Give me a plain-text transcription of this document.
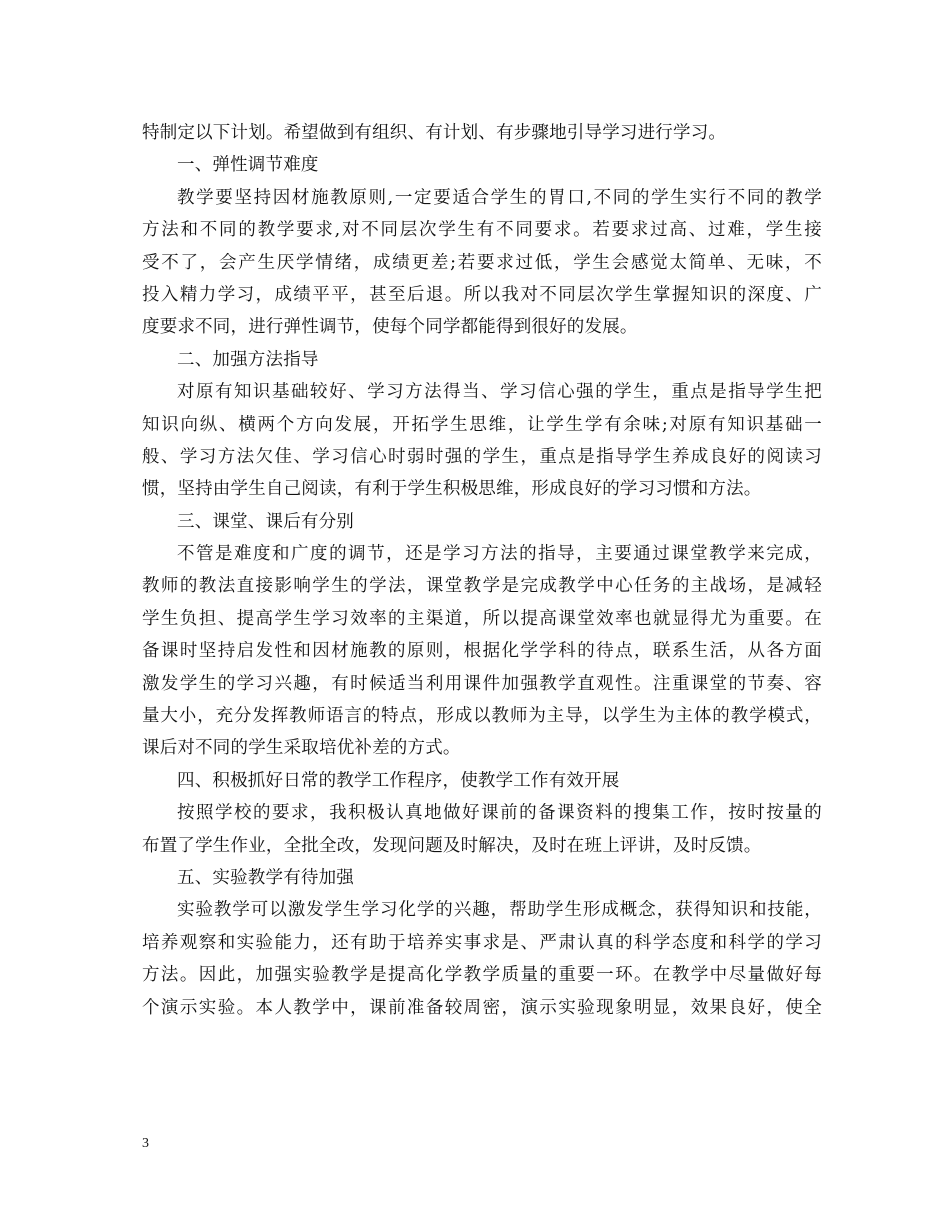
特制定以下计划。希望做到有组织、有计划、有步骤地引导学习进行学习。
一、弹性调节难度
教学要坚持因材施教原则,一定要适合学生的胃口,不同的学生实行不同的教学
方法和不同的教学要求,对不同层次学生有不同要求。若要求过高、过难，学生接
受不了，会产生厌学情绪，成绩更差;若要求过低，学生会感觉太简单、无味，不
投入精力学习，成绩平平，甚至后退。所以我对不同层次学生掌握知识的深度、广
度要求不同，进行弹性调节，使每个同学都能得到很好的发展。
二、加强方法指导
对原有知识基础较好、学习方法得当、学习信心强的学生，重点是指导学生把
知识向纵、横两个方向发展，开拓学生思维，让学生学有余味;对原有知识基础一
般、学习方法欠佳、学习信心时弱时强的学生，重点是指导学生养成良好的阅读习
惯，坚持由学生自己阅读，有利于学生积极思维，形成良好的学习习惯和方法。
三、课堂、课后有分别
不管是难度和广度的调节，还是学习方法的指导，主要通过课堂教学来完成，
教师的教法直接影响学生的学法，课堂教学是完成教学中心任务的主战场，是减轻
学生负担、提高学生学习效率的主渠道，所以提高课堂效率也就显得尤为重要。在
备课时坚持启发性和因材施教的原则，根据化学学科的待点，联系生活，从各方面
激发学生的学习兴趣，有时候适当利用课件加强教学直观性。注重课堂的节奏、容
量大小，充分发挥教师语言的特点，形成以教师为主导，以学生为主体的教学模式，
课后对不同的学生采取培优补差的方式。
四、积极抓好日常的教学工作程序，使教学工作有效开展
按照学校的要求，我积极认真地做好课前的备课资料的搜集工作，按时按量的
布置了学生作业，全批全改，发现问题及时解决，及时在班上评讲，及时反馈。
五、实验教学有待加强
实验教学可以激发学生学习化学的兴趣，帮助学生形成概念，获得知识和技能，
培养观察和实验能力，还有助于培养实事求是、严肃认真的科学态度和科学的学习
方法。因此，加强实验教学是提高化学教学质量的重要一环。在教学中尽量做好每
个演示实验。本人教学中，课前准备较周密，演示实验现象明显，效果良好，使全
3
